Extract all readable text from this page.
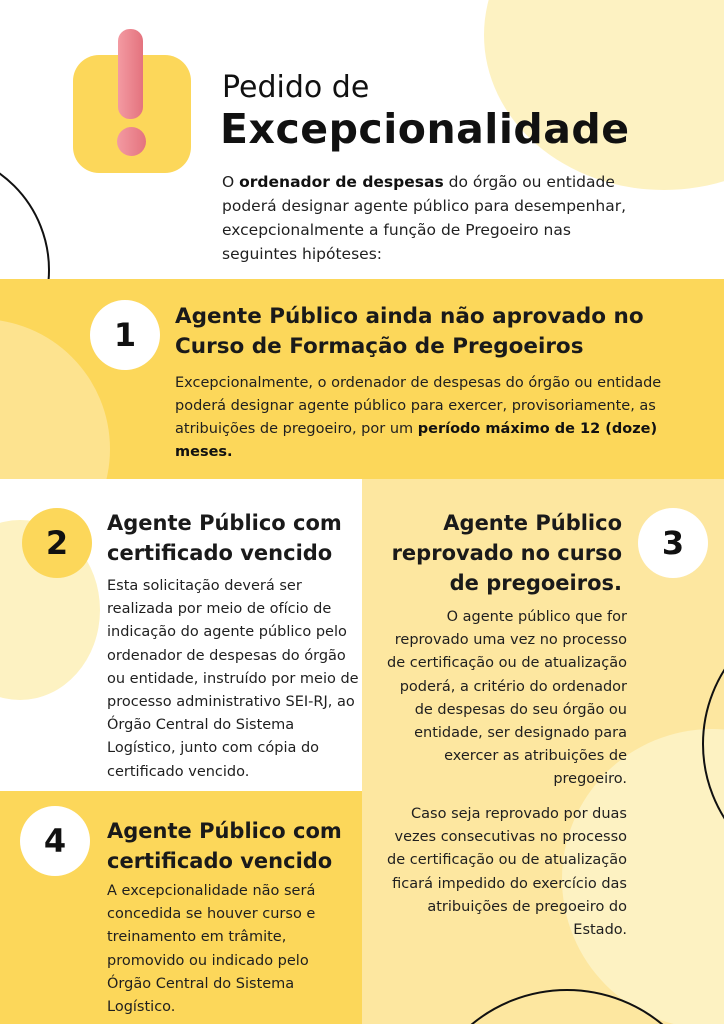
Pedido de
Excepcionalidade
O ordenador de despesas do órgão ou entidade poderá designar agente público para desempenhar, excepcionalmente a função de Pregoeiro nas seguintes hipóteses:
1	Agente Público ainda não aprovado no Curso de Formação de Pregoeiros
Excepcionalmente, o ordenador de despesas do órgão ou entidade poderá designar agente público para exercer, provisoriamente, as atribuições de pregoeiro, por um período máximo de 12 (doze) meses.
2
Agente Público com certificado vencido
Esta solicitação deverá ser realizada por meio de ofício de indicação do agente público pelo ordenador de despesas do órgão ou entidade, instruído por meio de processo administrativo SEI-RJ, ao Órgão Central do Sistema Logístico, junto com cópia do certificado vencido.
3
Agente Público reprovado no curso de pregoeiros.
O agente público que for reprovado uma vez no processo de certificação ou de atualização poderá, a critério do ordenador de despesas do seu órgão ou entidade, ser designado para exercer as atribuições de pregoeiro.
Caso seja reprovado por duas vezes consecutivas no processo de certificação ou de atualização ficará impedido do exercício das atribuições de pregoeiro do Estado.
4	Agente Público com certificado vencido
A excepcionalidade não será concedida se houver curso e treinamento em trâmite, promovido ou indicado pelo Órgão Central do Sistema Logístico.
